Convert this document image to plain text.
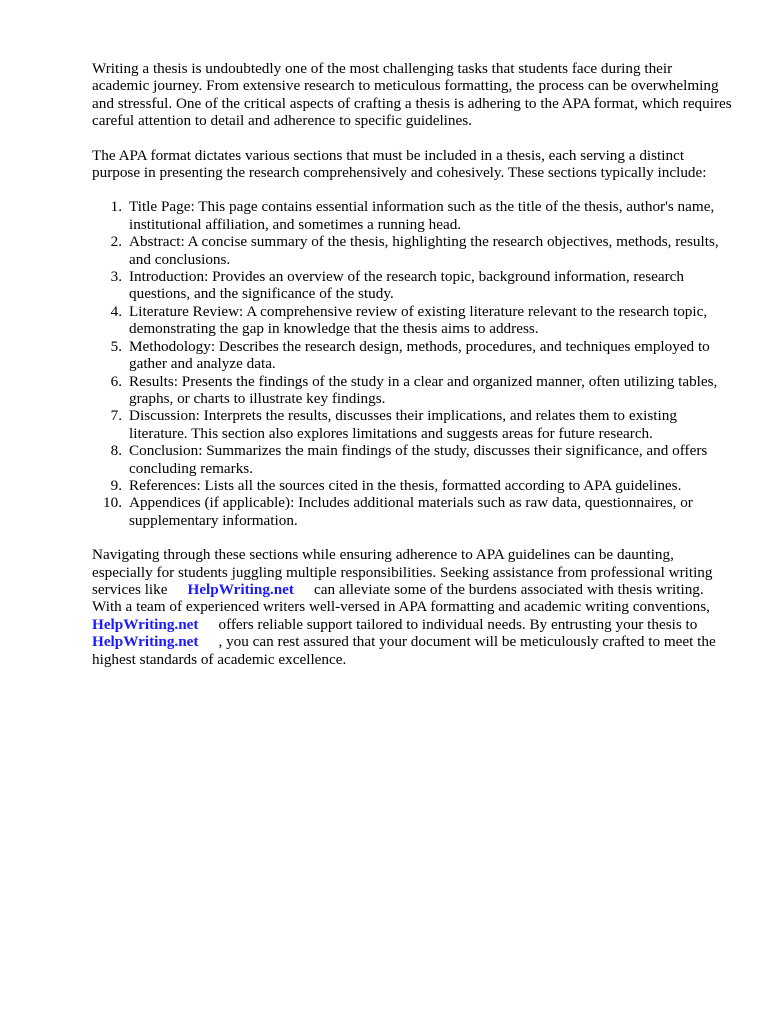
Writing a thesis is undoubtedly one of the most challenging tasks that students face during their academic journey. From extensive research to meticulous formatting, the process can be overwhelming and stressful. One of the critical aspects of crafting a thesis is adhering to the APA format, which requires careful attention to detail and adherence to specific guidelines.

The APA format dictates various sections that must be included in a thesis, each serving a distinct purpose in presenting the research comprehensively and cohesively. These sections typically include:

1. Title Page: This page contains essential information such as the title of the thesis, author's name, institutional affiliation, and sometimes a running head.
2. Abstract: A concise summary of the thesis, highlighting the research objectives, methods, results, and conclusions.
3. Introduction: Provides an overview of the research topic, background information, research questions, and the significance of the study.
4. Literature Review: A comprehensive review of existing literature relevant to the research topic, demonstrating the gap in knowledge that the thesis aims to address.
5. Methodology: Describes the research design, methods, procedures, and techniques employed to gather and analyze data.
6. Results: Presents the findings of the study in a clear and organized manner, often utilizing tables, graphs, or charts to illustrate key findings.
7. Discussion: Interprets the results, discusses their implications, and relates them to existing literature. This section also explores limitations and suggests areas for future research.
8. Conclusion: Summarizes the main findings of the study, discusses their significance, and offers concluding remarks.
9. References: Lists all the sources cited in the thesis, formatted according to APA guidelines.
10. Appendices (if applicable): Includes additional materials such as raw data, questionnaires, or supplementary information.

Navigating through these sections while ensuring adherence to APA guidelines can be daunting, especially for students juggling multiple responsibilities. Seeking assistance from professional writing services like HelpWriting.net can alleviate some of the burdens associated with thesis writing. With a team of experienced writers well-versed in APA formatting and academic writing conventions,HelpWriting.net offers reliable support tailored to individual needs. By entrusting your thesis toHelpWriting.net , you can rest assured that your document will be meticulously crafted to meet the highest standards of academic excellence.
